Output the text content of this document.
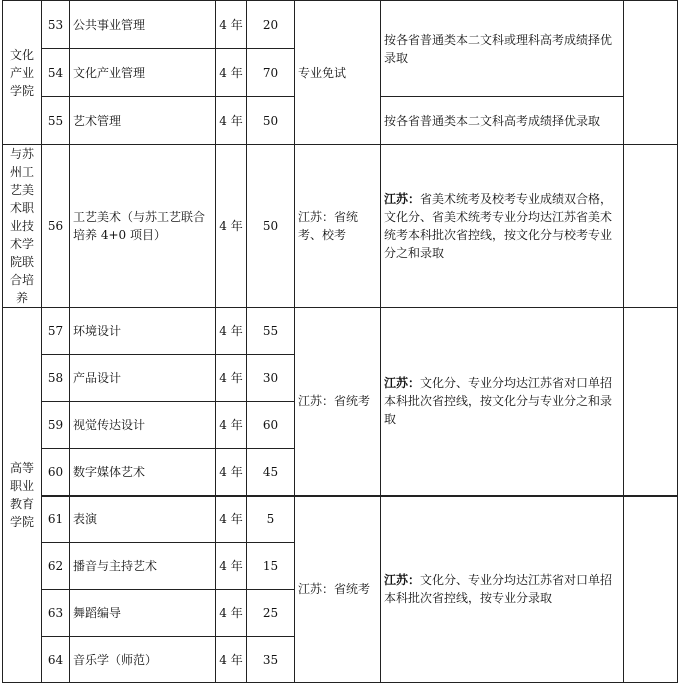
文化产业学院	53	公共事业管理	4 年	20	专业免试	按各省普通类本二文科或理科高考成绩择优录取	
	54	文化产业管理	4 年	70			
	55	艺术管理	4 年	50		按各省普通类本二文科高考成绩择优录取	
与苏州工艺美术职业技术学院联合培养	56	工艺美术（与苏工艺联合培养 4+0 项目）	4 年	50	江苏：省统考、校考	江苏：省美术统考及校考专业成绩双合格，文化分、省美术统考专业分均达江苏省美术统考本科批次省控线，按文化分与校考专业分之和录取	
高等职业教育学院	57	环境设计	4 年	55	江苏：省统考	江苏：文化分、专业分均达江苏省对口单招本科批次省控线，按文化分与专业分之和录取	
	58	产品设计	4 年	30			
	59	视觉传达设计	4 年	60			
	60	数字媒体艺术	4 年	45			
	61	表演	4 年	5	江苏：省统考	江苏：文化分、专业分均达江苏省对口单招本科批次省控线，按专业分录取	
	62	播音与主持艺术	4 年	15			
	63	舞蹈编导	4 年	25			
	64	音乐学（师范）	4 年	35			
